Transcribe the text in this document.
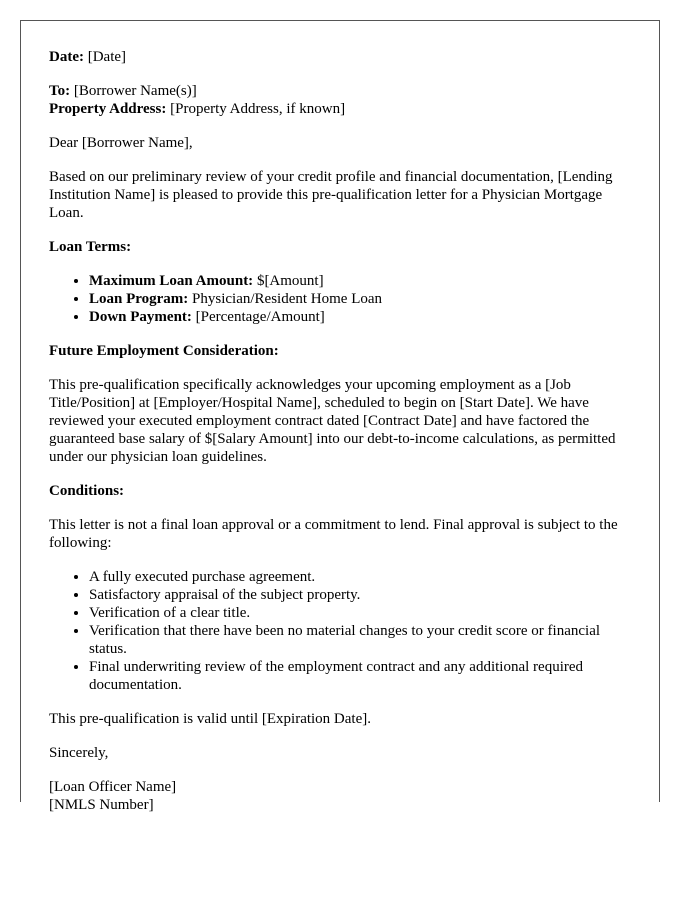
Date: [Date]

To: [Borrower Name(s)]
Property Address: [Property Address, if known]

Dear [Borrower Name],

Based on our preliminary review of your credit profile and financial documentation, [Lending Institution Name] is pleased to provide this pre-qualification letter for a Physician Mortgage Loan.

Loan Terms:
• Maximum Loan Amount: $[Amount]
• Loan Program: Physician/Resident Home Loan
• Down Payment: [Percentage/Amount]
Future Employment Consideration:

This pre-qualification specifically acknowledges your upcoming employment as a [Job Title/Position] at [Employer/Hospital Name], scheduled to begin on [Start Date]. We have reviewed your executed employment contract dated [Contract Date] and have factored the guaranteed base salary of $[Salary Amount] into our debt-to-income calculations, as permitted under our physician loan guidelines.

Conditions:

This letter is not a final loan approval or a commitment to lend. Final approval is subject to the following:

• A fully executed purchase agreement.
• Satisfactory appraisal of the subject property.
• Verification of a clear title.
• Verification that there have been no material changes to your credit score or financial status.
• Final underwriting review of the employment contract and any additional required documentation.

This pre-qualification is valid until [Expiration Date].

Sincerely,

[Loan Officer Name]
[NMLS Number]
